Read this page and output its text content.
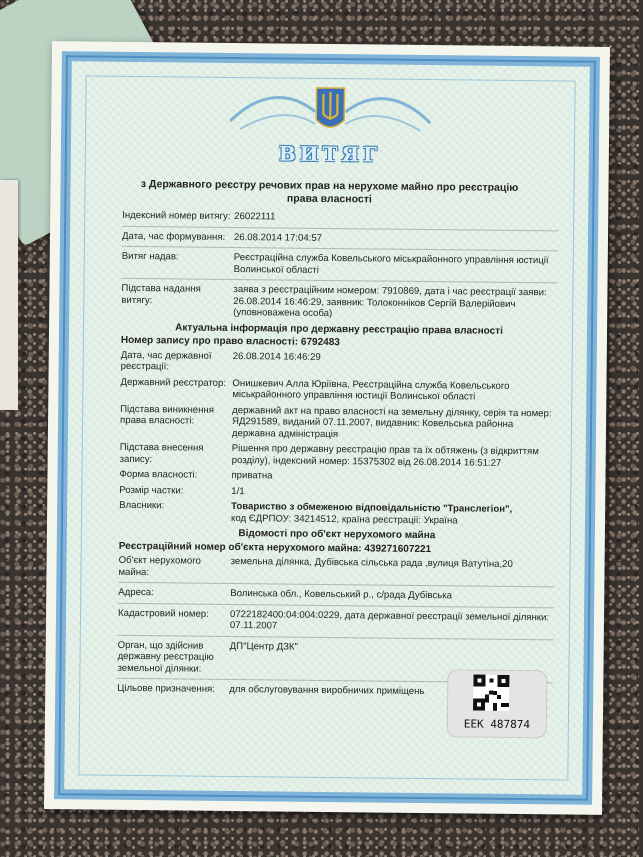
ВИТЯГ
з Державного реєстру речових прав на нерухоме майно про реєстрацію права власності
Індексний номер витягу: 26022111
Дата, час формування: 26.08.2014 17:04:57
Витяг надав:	Реєстраційна служба Ковельського міськрайонного управління юстиції Волинської області
Підстава надання витягу:
заява з реєстраційним номером: 7910869, дата і час реєстрації заяви: 26.08.2014 16:46:29, заявник: Толоконніков Сергій Валерійович (уповноважена особа)
Актуальна інформація про державну реєстрацію права власності
Номер запису про право власності: 6792483
Дата, час державної реєстрації:
26.08.2014 16:46:29
Державний реєстратор: Онишкевич Алла Юріївна, Реєстраційна служба Ковельського міськрайонного управління юстиції Волинської області
Підстава виникнення права власності:
державний акт на право власності на земельну ділянку, серія та номер: ЯД291589, виданий 07.11.2007, видавник: Ковельська районна державна адміністрація
Підстава внесення запису:
Рішення про державну реєстрацію прав та їх обтяжень (з відкриттям розділу), індексний номер: 15375302 від 26.08.2014 16:51:27
Форма власності:	приватна
Розмір частки:	1/1
Власники:	Товариство з обмеженою відповідальністю "Транслегіон",
код ЄДРПОУ: 34214512, країна реєстрації: Україна
Відомості про об'єкт нерухомого майна
Реєстраційний номер об'єкта нерухомого майна: 439271607221
Об'єкт нерухомого майна:
земельна ділянка, Дубівська сільська рада ,вулиця Ватутіна,20
Адреса:	Волинська обл., Ковельський р., с/рада Дубівська
Кадастровий номер:	0722182400:04:004:0229, дата державної реєстрації земельної ділянки: 07.11.2007
Орган, що здійснив державну реєстрацію земельної ділянки:
ДП"Центр ДЗК"
Цільове призначення:	для обслуговування виробничих приміщень
ЕЕК 487874
